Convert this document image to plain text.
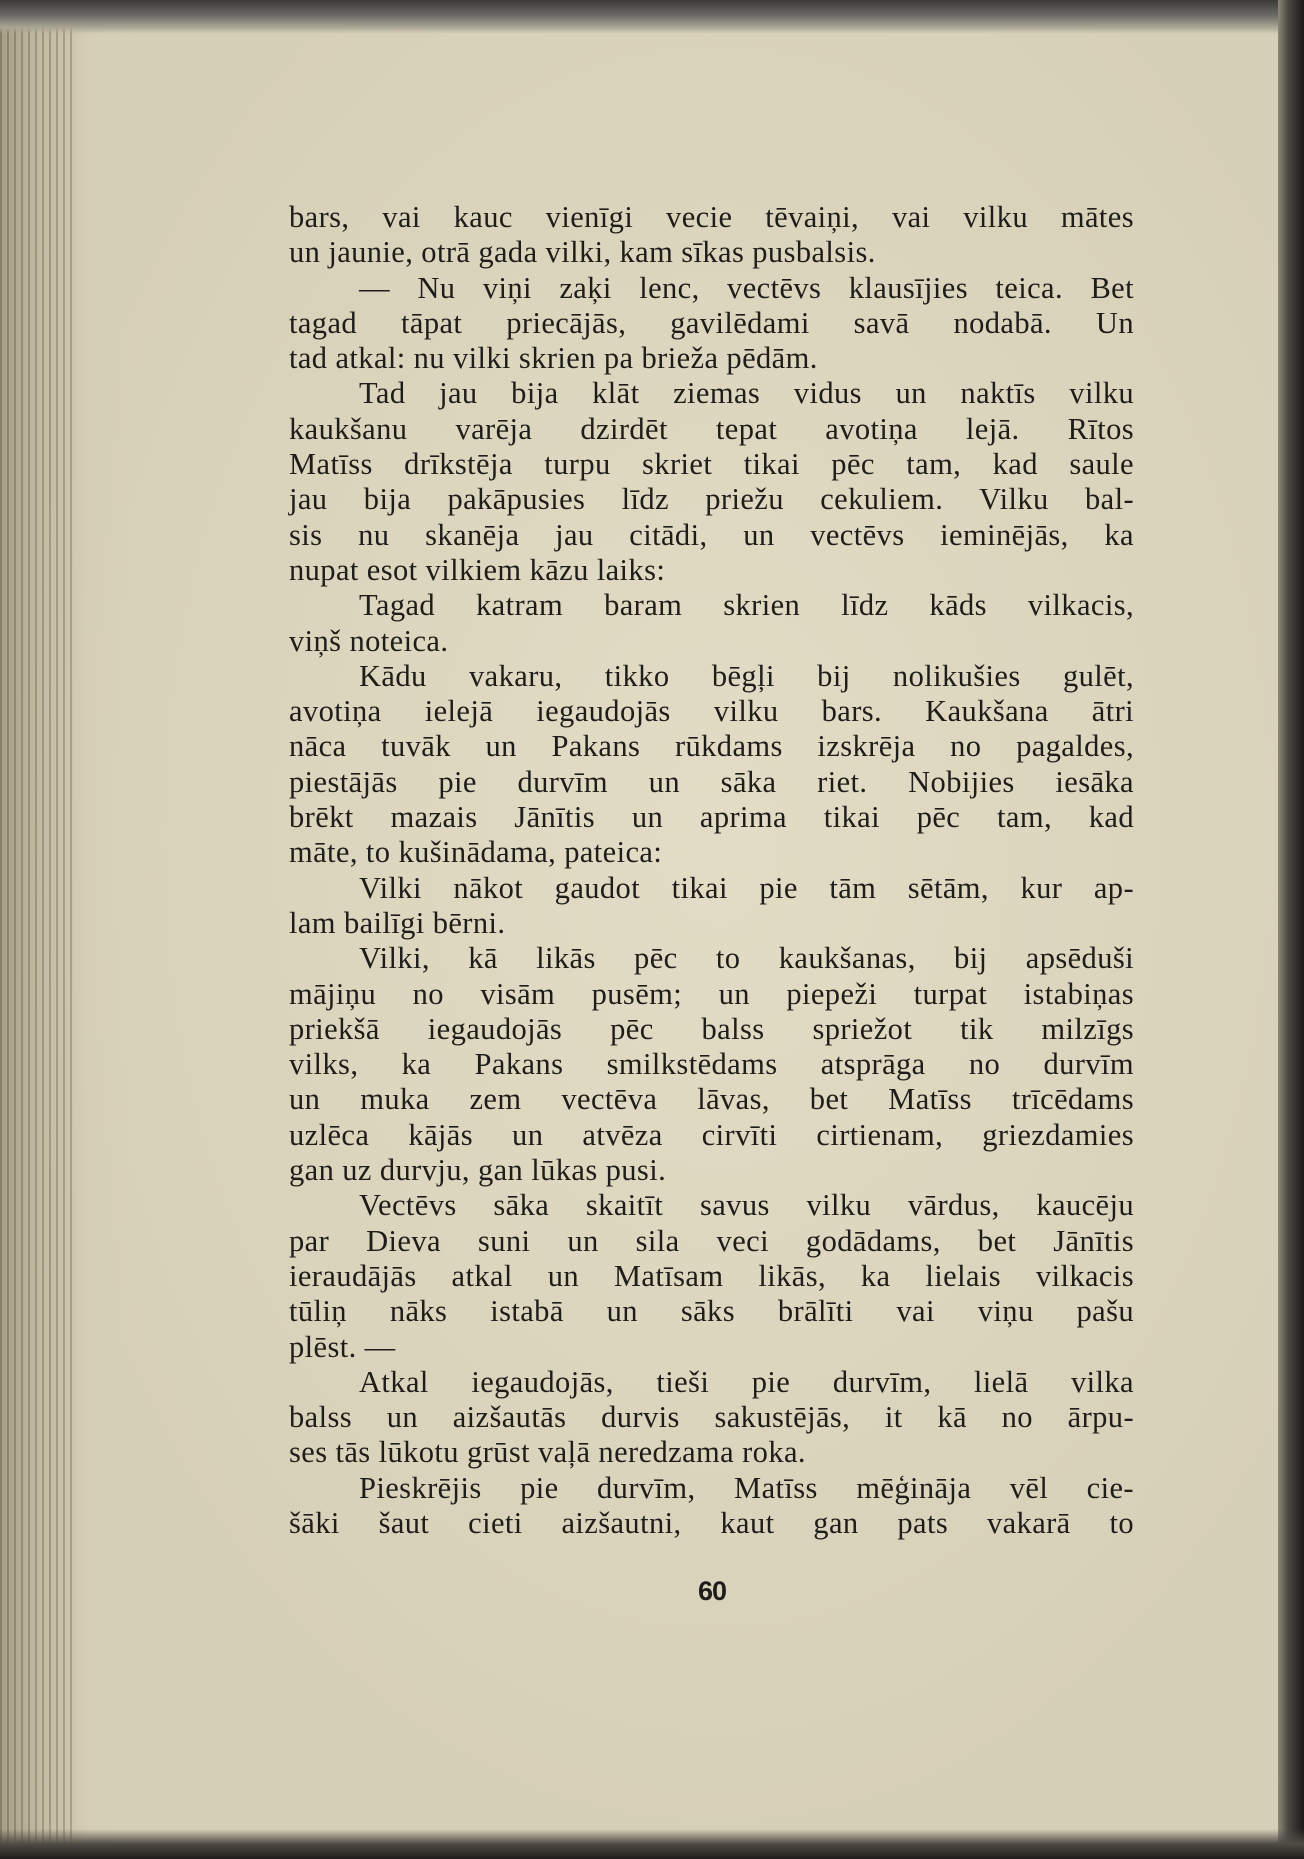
bars, vai kauc vienīgi vecie tēvaiņi, vai vilku mātes
un jaunie, otrā gada vilki, kam sīkas pusbalsis.
— Nu viņi zaķi lenc, vectēvs klausījies teica. Bet
tagad tāpat priecājās, gavilēdami savā nodabā. Un
tad atkal: nu vilki skrien pa brieža pēdām.
Tad jau bija klāt ziemas vidus un naktīs vilku
kaukšanu varēja dzirdēt tepat avotiņa lejā. Rītos
Matīss drīkstēja turpu skriet tikai pēc tam, kad saule
jau bija pakāpusies līdz priežu cekuliem. Vilku bal-
sis nu skanēja jau citādi, un vectēvs ieminējās, ka
nupat esot vilkiem kāzu laiks:
Tagad katram baram skrien līdz kāds vilkacis,
viņš noteica.
Kādu vakaru, tikko bēgļi bij nolikušies gulēt,
avotiņa ielejā iegaudojās vilku bars. Kaukšana ātri
nāca tuvāk un Pakans rūkdams izskrēja no pagaldes,
piestājās pie durvīm un sāka riet. Nobijies iesāka
brēkt mazais Jānītis un aprima tikai pēc tam, kad
māte, to kušinādama, pateica:
Vilki nākot gaudot tikai pie tām sētām, kur ap-
lam bailīgi bērni.
Vilki, kā likās pēc to kaukšanas, bij apsēduši
mājiņu no visām pusēm; un piepeži turpat istabiņas
priekšā iegaudojās pēc balss spriežot tik milzīgs
vilks, ka Pakans smilkstēdams atsprāga no durvīm
un muka zem vectēva lāvas, bet Matīss trīcēdams
uzlēca kājās un atvēza cirvīti cirtienam, griezdamies
gan uz durvju, gan lūkas pusi.
Vectēvs sāka skaitīt savus vilku vārdus, kaucēju
par Dieva suni un sila veci godādams, bet Jānītis
ieraudājās atkal un Matīsam likās, ka lielais vilkacis
tūliņ nāks istabā un sāks brālīti vai viņu pašu
plēst. —
Atkal iegaudojās, tieši pie durvīm, lielā vilka
balss un aizšautās durvis sakustējās, it kā no ārpu-
ses tās lūkotu grūst vaļā neredzama roka.
Pieskrējis pie durvīm, Matīss mēģināja vēl cie-
šāki šaut cieti aizšautni, kaut gan pats vakarā to
60
